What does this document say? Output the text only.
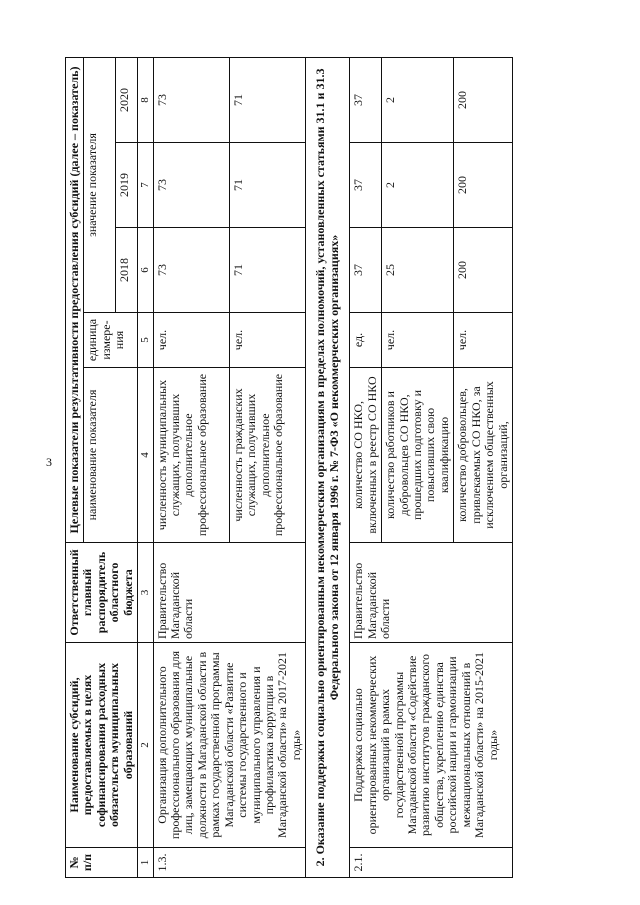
3
№ п/п	Наименование субсидий, предоставляемых в целях софинансирования расходных обязательств муниципальных образований	Ответственный главный распорядитель областного бюджета	Целевые показатели результативности предоставления субсидий (далее – показатель)				
			наименование показателя	единица измере-ния	значение показателя		
					2018	2019	2020
1	2	3	4	5	6	7	8
1.3.	Организация дополнительного профессионального образования для лиц, замещающих муниципальные должности в Магаданской области в рамках государственной программы Магаданской области «Развитие системы государственного и муниципального управления и профилактика коррупции в Магаданской области» на 2017-2021 годы»	Правительство Магаданской области	численность муниципальных служащих, получивших дополнительное профессиональное образование	чел.	73	73	73
			численность гражданских служащих, получивших дополнительное профессиональное образование	чел.	71	71	71
2. Оказание поддержки социально ориентированным некоммерческим организациям в пределах полномочий, установленных статьями 31.1 и 31.3 Федерального закона от 12 января 1996 г. № 7-ФЗ «О некоммерческих организациях»							
2.1.	Поддержка социально ориентированных некоммерческих организаций в рамках государственной программы Магаданской области «Содействие развитию институтов гражданского общества, укреплению единства российской нации и гармонизации межнациональных отношений в Магаданской области» на 2015-2021 годы»	Правительство Магаданской области	количество СО НКО, включенных в реестр СО НКО	ед.	37	37	37
			количество работников и добровольцев СО НКО, прошедших подготовку и повысивших свою квалификацию	чел.	25	2	2
			количество добровольцев, привлекаемых СО НКО, за исключением общественных организаций,	чел.	200	200	200
